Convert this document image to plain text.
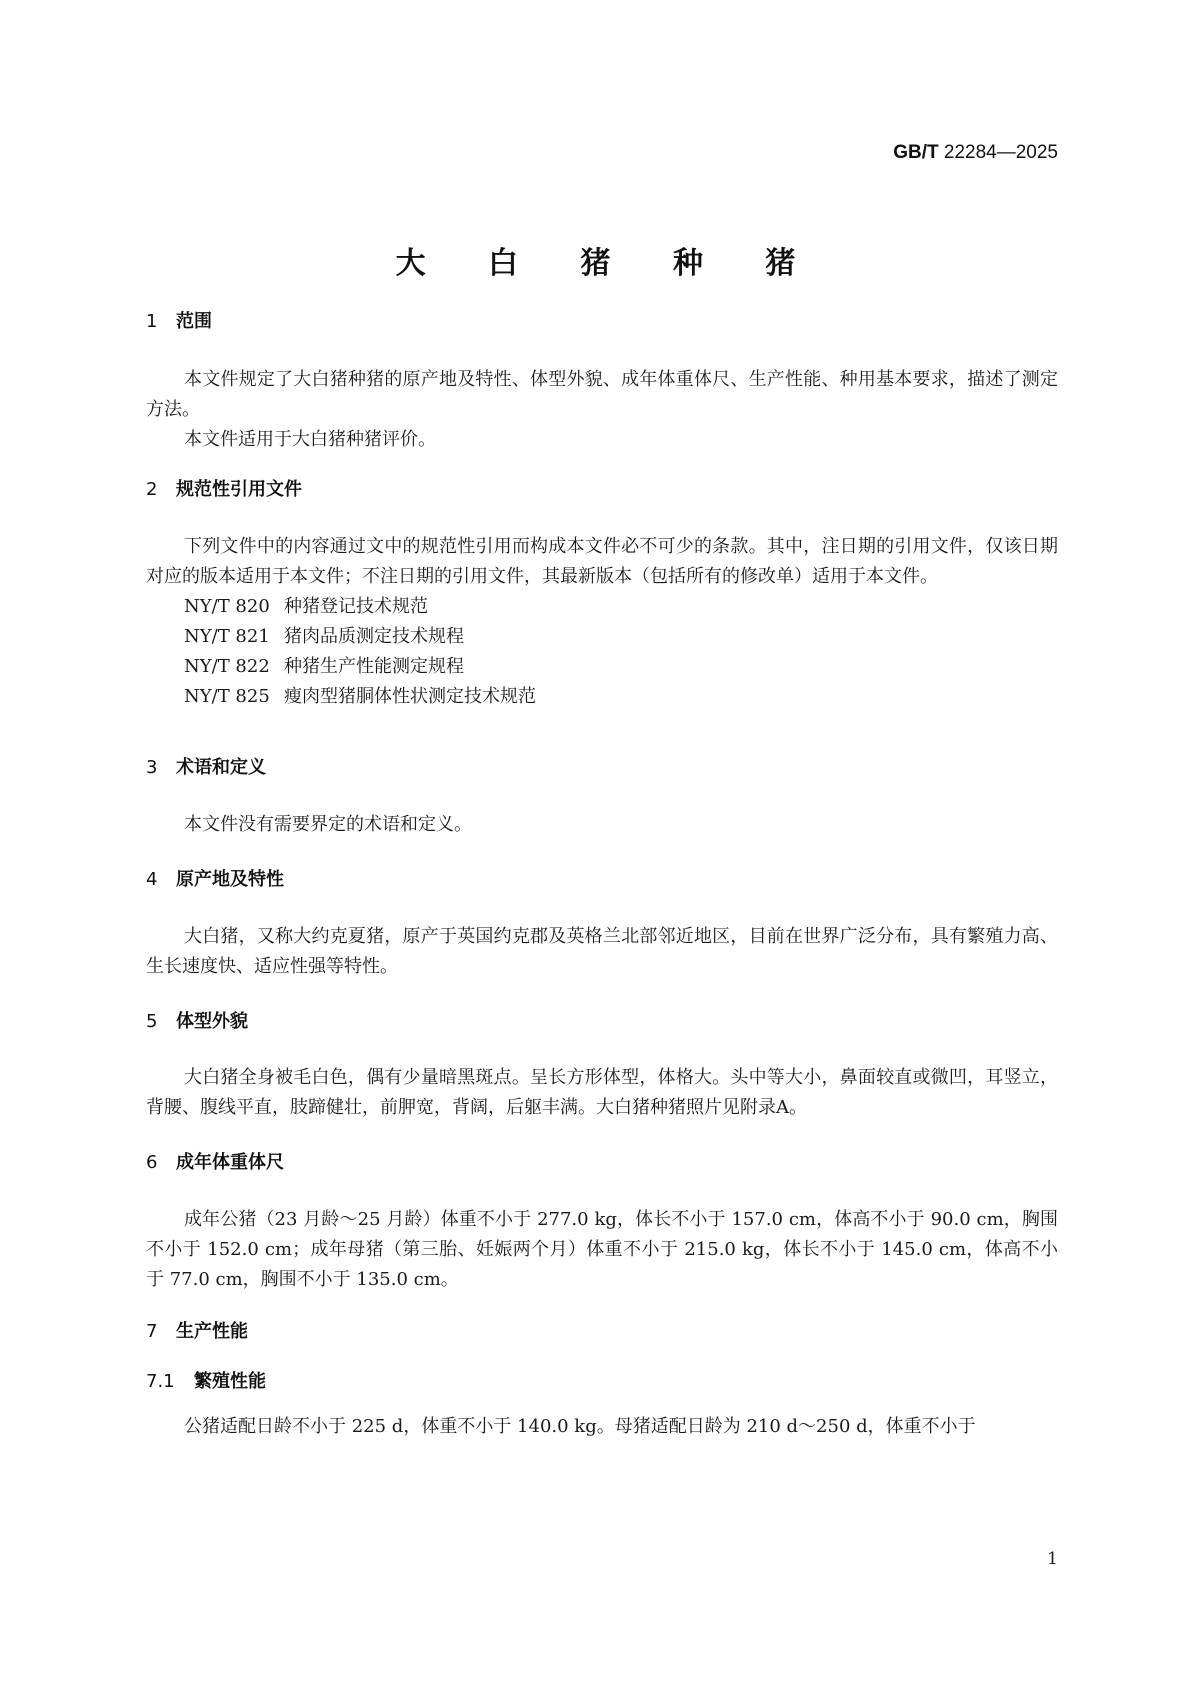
GB/T 22284—2025
大 白 猪 种 猪
1 范围

本文件规定了大白猪种猪的原产地及特性、体型外貌、成年体重体尺、生产性能、种用基本要求，描述了测定方法。

本文件适用于大白猪种猪评价。

2 规范性引用文件

下列文件中的内容通过文中的规范性引用而构成本文件必不可少的条款。其中，注日期的引用文件，仅该日期对应的版本适用于本文件；不注日期的引用文件，其最新版本（包括所有的修改单）适用于本文件。

NY/T 820 种猪登记技术规范
NY/T 821 猪肉品质测定技术规程
NY/T 822 种猪生产性能测定规程
NY/T 825 瘦肉型猪胴体性状测定技术规范
3 术语和定义

本文件没有需要界定的术语和定义。

4 原产地及特性

大白猪，又称大约克夏猪，原产于英国约克郡及英格兰北部邻近地区，目前在世界广泛分布，具有繁殖力高、生长速度快、适应性强等特性。

5 体型外貌

大白猪全身被毛白色，偶有少量暗黑斑点。呈长方形体型，体格大。头中等大小，鼻面较直或微凹，耳竖立，背腰、腹线平直，肢蹄健壮，前胛宽，背阔，后躯丰满。大白猪种猪照片见附录A。

6 成年体重体尺

成年公猪（23 月龄～25 月龄）体重不小于 277.0 kg，体长不小于 157.0 cm，体高不小于 90.0 cm，胸围不小于 152.0 cm；成年母猪（第三胎、妊娠两个月）体重不小于 215.0 kg，体长不小于 145.0 cm，体高不小于 77.0 cm，胸围不小于 135.0 cm。

7 生产性能
7.1 繁殖性能

公猪适配日龄不小于 225 d，体重不小于 140.0 kg。母猪适配日龄为 210 d～250 d，体重不小于

1
